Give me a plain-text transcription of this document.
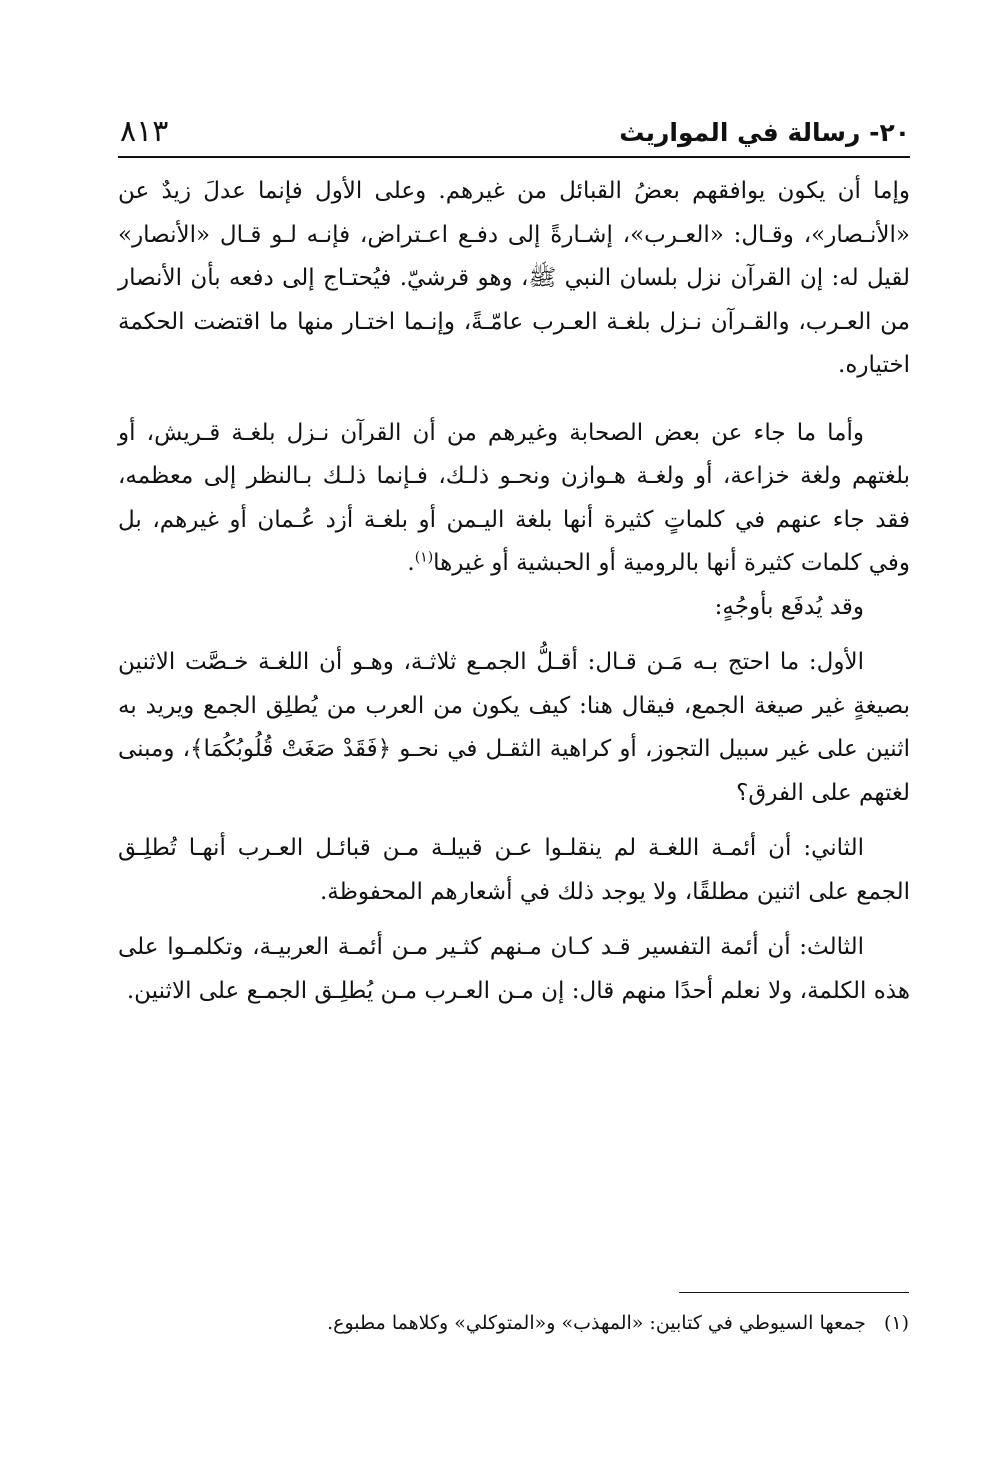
٢٠- رسالة في المواريث
٨١٣

وإما أن يكون يوافقهم بعضُ القبائل من غيرهم. وعلى الأول فإنما عدلَ زيدٌ عن «الأنـصار»، وقـال: «العـرب»، إشـارةً إلى دفـع اعـتراض، فإنـه لـو قـال «الأنصار» لقيل له: إن القرآن نزل بلسان النبي ﷺ، وهو قرشيّ. فيُحتـاج إلى دفعه بأن الأنصار من العـرب، والقـرآن نـزل بلغـة العـرب عامّـةً، وإنـما اختـار منها ما اقتضت الحكمة اختياره.

وأما ما جاء عن بعض الصحابة وغيرهم من أن القرآن نـزل بلغـة قـريش، أو بلغتهم ولغة خزاعة، أو ولغـة هـوازن ونحـو ذلـك، فـإنما ذلـك بـالنظر إلى معظمه، فقد جاء عنهم في كلماتٍ كثيرة أنها بلغة اليـمن أو بلغـة أزد عُـمان أو غيرهم، بل وفي كلمات كثيرة أنها بالرومية أو الحبشية أو غيرها$^{(١)}$.

وقد يُدفَع بأوجُهٍ:

الأول: ما احتج بـه مَـن قـال: أقـلُّ الجمـع ثلاثـة، وهـو أن اللغـة خـصَّت الاثنين بصيغةٍ غير صيغة الجمع، فيقال هنا: كيف يكون من العرب من يُطلِق الجمع ويريد به اثنين على غير سبيل التجوز، أو كراهية الثقـل في نحـو ﴿فَقَدْ صَغَتْ قُلُوبُكُمَا﴾، ومبنى لغتهم على الفرق؟

الثاني: أن أئمـة اللغـة لم ينقلـوا عـن قبيلـة مـن قبائـل العـرب أنهـا تُطلِـق الجمع على اثنين مطلقًا، ولا يوجد ذلك في أشعارهم المحفوظة.

الثالث: أن أئمة التفسير قـد كـان مـنهم كثـير مـن أئمـة العربيـة، وتكلمـوا على هذه الكلمة، ولا نعلم أحدًا منهم قال: إن مـن العـرب مـن يُطلِـق الجمـع على الاثنين.

(١) جمعها السيوطي في كتابين: «المهذب» و«المتوكلي» وكلاهما مطبوع.
